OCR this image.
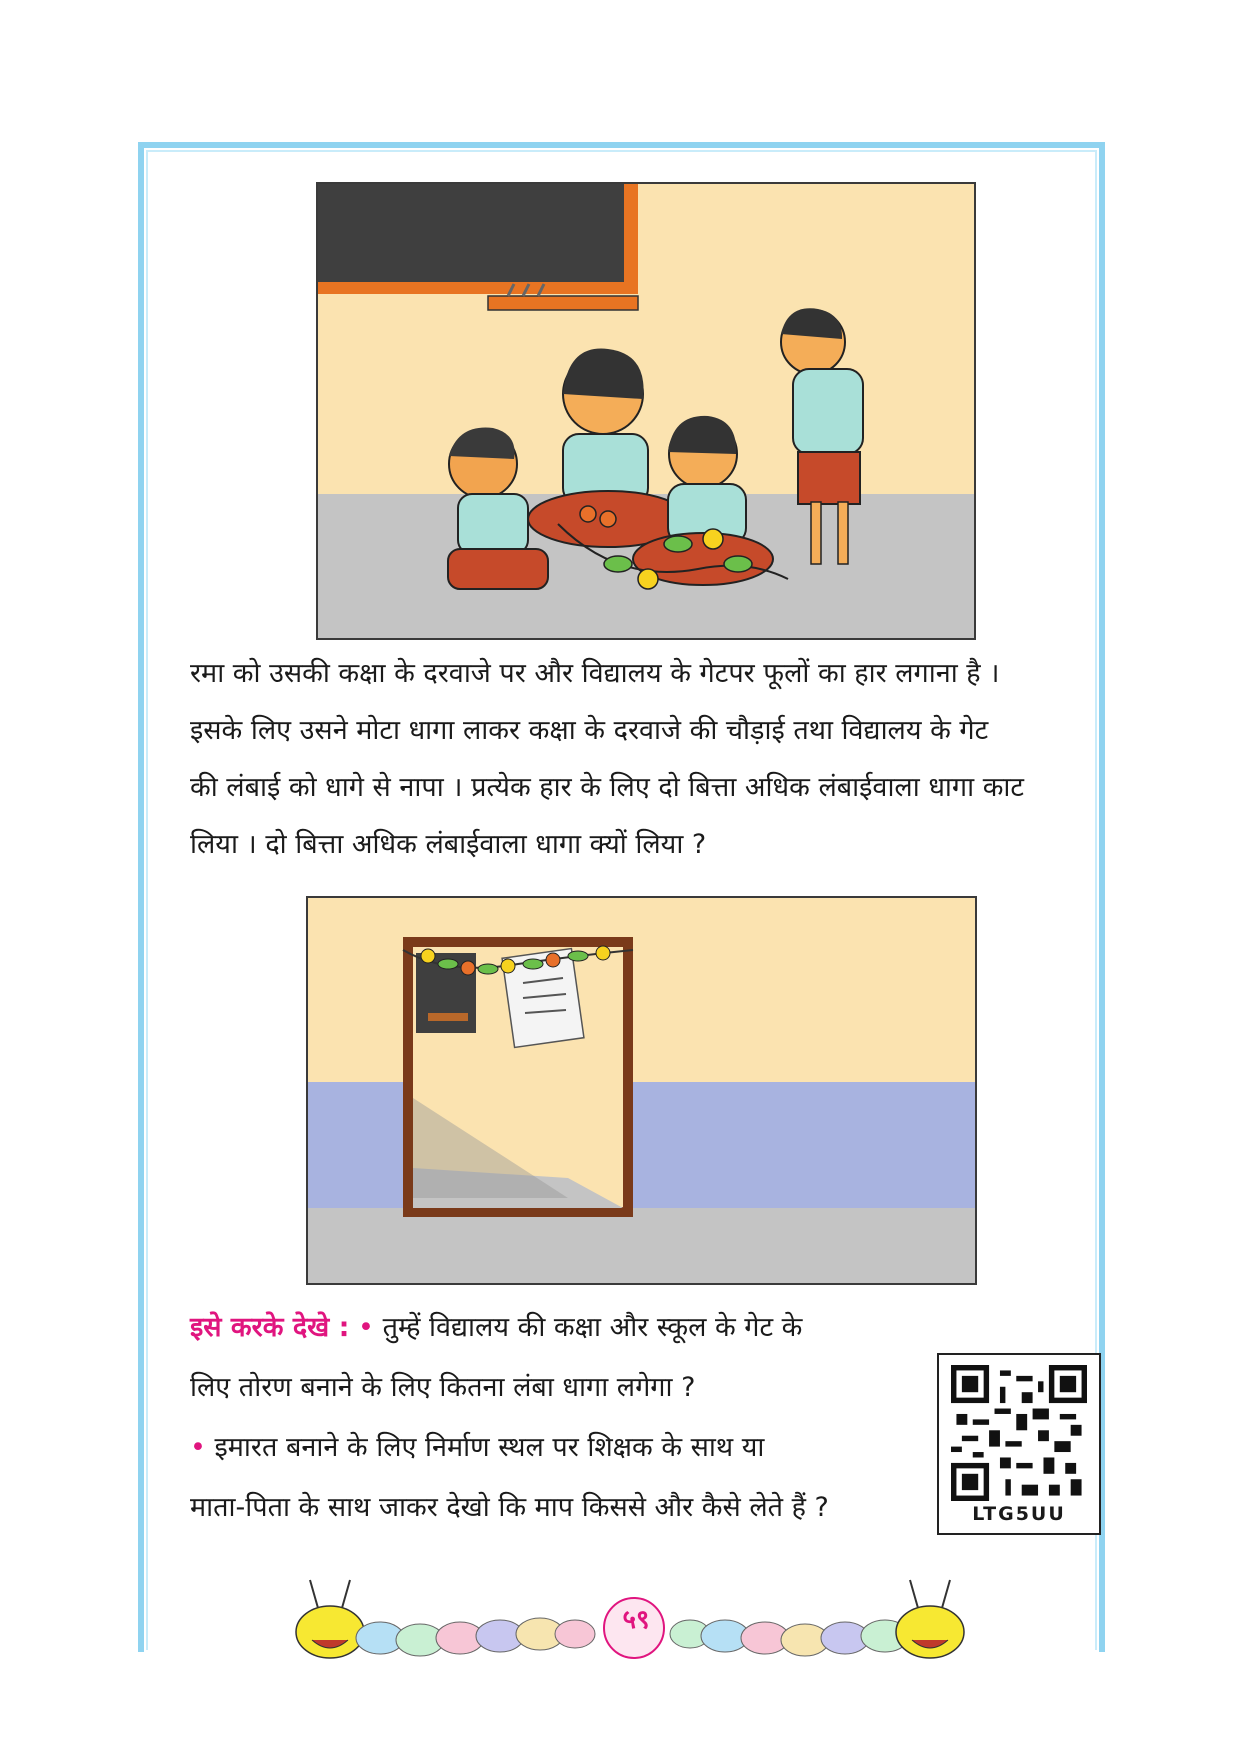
रमा को उसकी कक्षा के दरवाजे पर और विद्यालय के गेटपर फूलों का हार लगाना है ।

इसके लिए उसने मोटा धागा लाकर कक्षा के दरवाजे की चौड़ाई तथा विद्यालय के गेट

की लंबाई को धागे से नापा । प्रत्येक हार के लिए दो बित्ता अधिक लंबाईवाला धागा काट

लिया । दो बित्ता अधिक लंबाईवाला धागा क्यों लिया ?

इसे करके देखे : • तुम्हें विद्यालय की कक्षा और स्कूल के गेट के
लिए तोरण बनाने के लिए कितना लंबा धागा लगेगा ?
• इमारत बनाने के लिए निर्माण स्थल पर शिक्षक के साथ या
माता-पिता के साथ जाकर देखो कि माप किससे और कैसे लेते हैं ?	LTG5UU
५९
